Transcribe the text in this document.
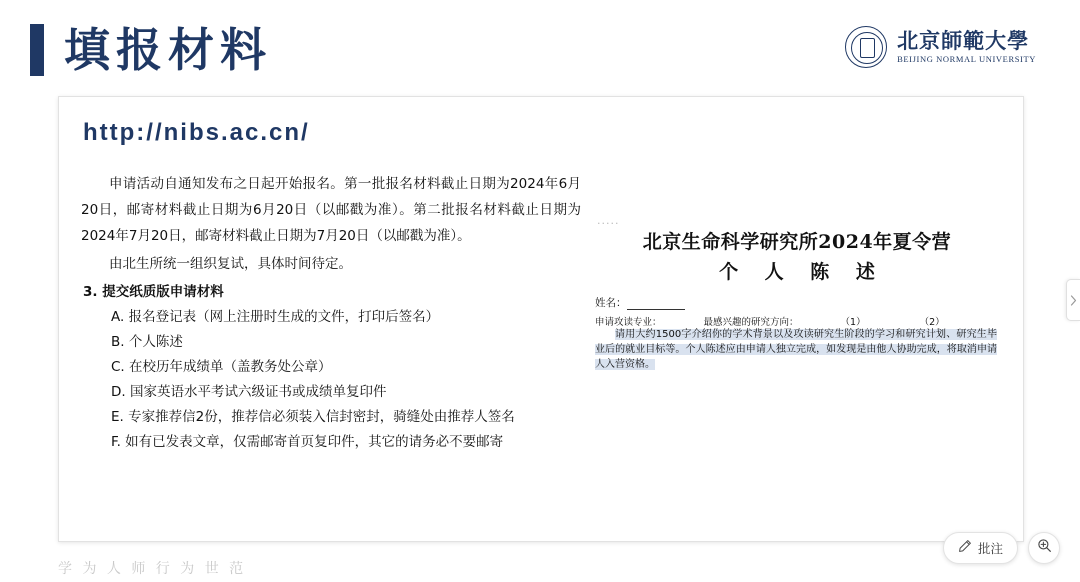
填报材料	北京師範大學
BEIJING NORMAL UNIVERSITY
http://nibs.ac.cn/

申请活动自通知发布之日起开始报名。第一批报名材料截止日期为2024年6月20日，邮寄材料截止日期为6月20日（以邮戳为准）。第二批报名材料截止日期为2024年7月20日，邮寄材料截止日期为7月20日（以邮戳为准）。

由北生所统一组织复试，具体时间待定。

3. 提交纸质版申请材料

A. 报名登记表（网上注册时生成的文件，打印后签名）
B. 个人陈述
C. 在校历年成绩单（盖教务处公章）
D. 国家英语水平考试六级证书或成绩单复印件
E. 专家推荐信2份，推荐信必须装入信封密封，骑缝处由推荐人签名
F. 如有已发表文章，仅需邮寄首页复印件，其它的请务必不要邮寄
·····
北京生命科学研究所2024年夏令营
个 人 陈 述
姓名：
申请攻读专业：	最感兴趣的研究方向：	（1）	（2）
请用大约1500字介绍你的学术背景以及攻读研究生阶段的学习和研究计划、研究生毕业后的就业目标等。个人陈述应由申请人独立完成，如发现是由他人协助完成，将取消申请人入营资格。
学 为 人 师 行 为 世 范
批注
